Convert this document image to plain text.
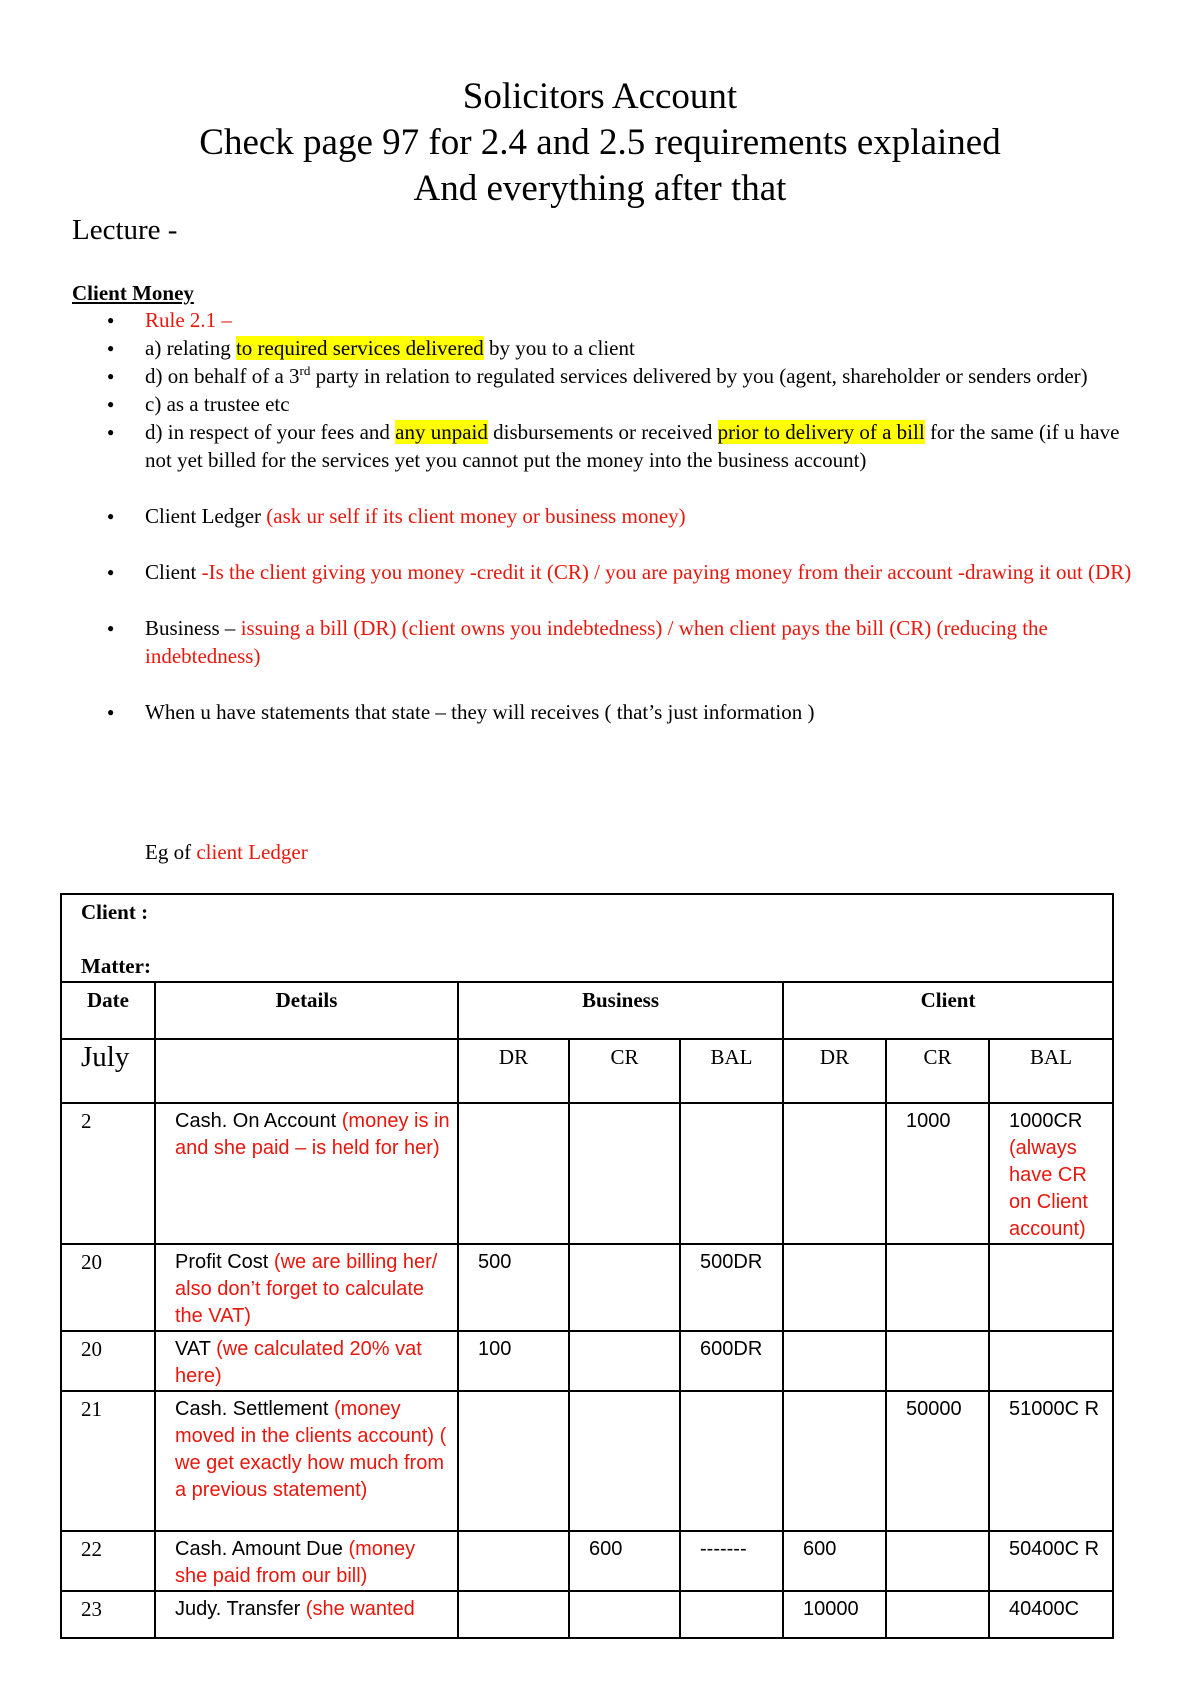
Solicitors Account
Check page 97 for 2.4 and 2.5 requirements explained
And everything after that
Lecture -
Client Money
● Rule 2.1 –
● a) relating to required services delivered by you to a client
● d) on behalf of a 3rd party in relation to regulated services delivered by you (agent, shareholder or senders order)
● c) as a trustee etc
● d) in respect of your fees and any unpaid disbursements or received prior to delivery of a bill for the same (if u have not yet billed for the services yet you cannot put the money into the business account)
● Client Ledger (ask ur self if its client money or business money)
● Client -Is the client giving you money -credit it (CR) / you are paying money from their account -drawing it out (DR)
● Business – issuing a bill (DR) (client owns you indebtedness) / when client pays the bill (CR) (reducing the indebtedness)
● When u have statements that state – they will receives ( that’s just information )
Eg of client Ledger
Client :
Matter:							

Date	Details	Business			Client		
July		DR	CR	BAL	DR	CR	BAL
2	Cash. On Account (money is in and she paid – is held for her)					1000	1000CR (always have CR on Client account)
20	Profit Cost (we are billing her/ also don’t forget to calculate the VAT)	500		500DR			
20	VAT (we calculated 20% vat here)	100		600DR			
21	Cash. Settlement (money moved in the clients account) ( we get exactly how much from a previous statement)					50000	51000C R
22	Cash. Amount Due (money she paid from our bill)		600	-------	600		50400C R
23	Judy. Transfer (she wanted				10000		40400C
